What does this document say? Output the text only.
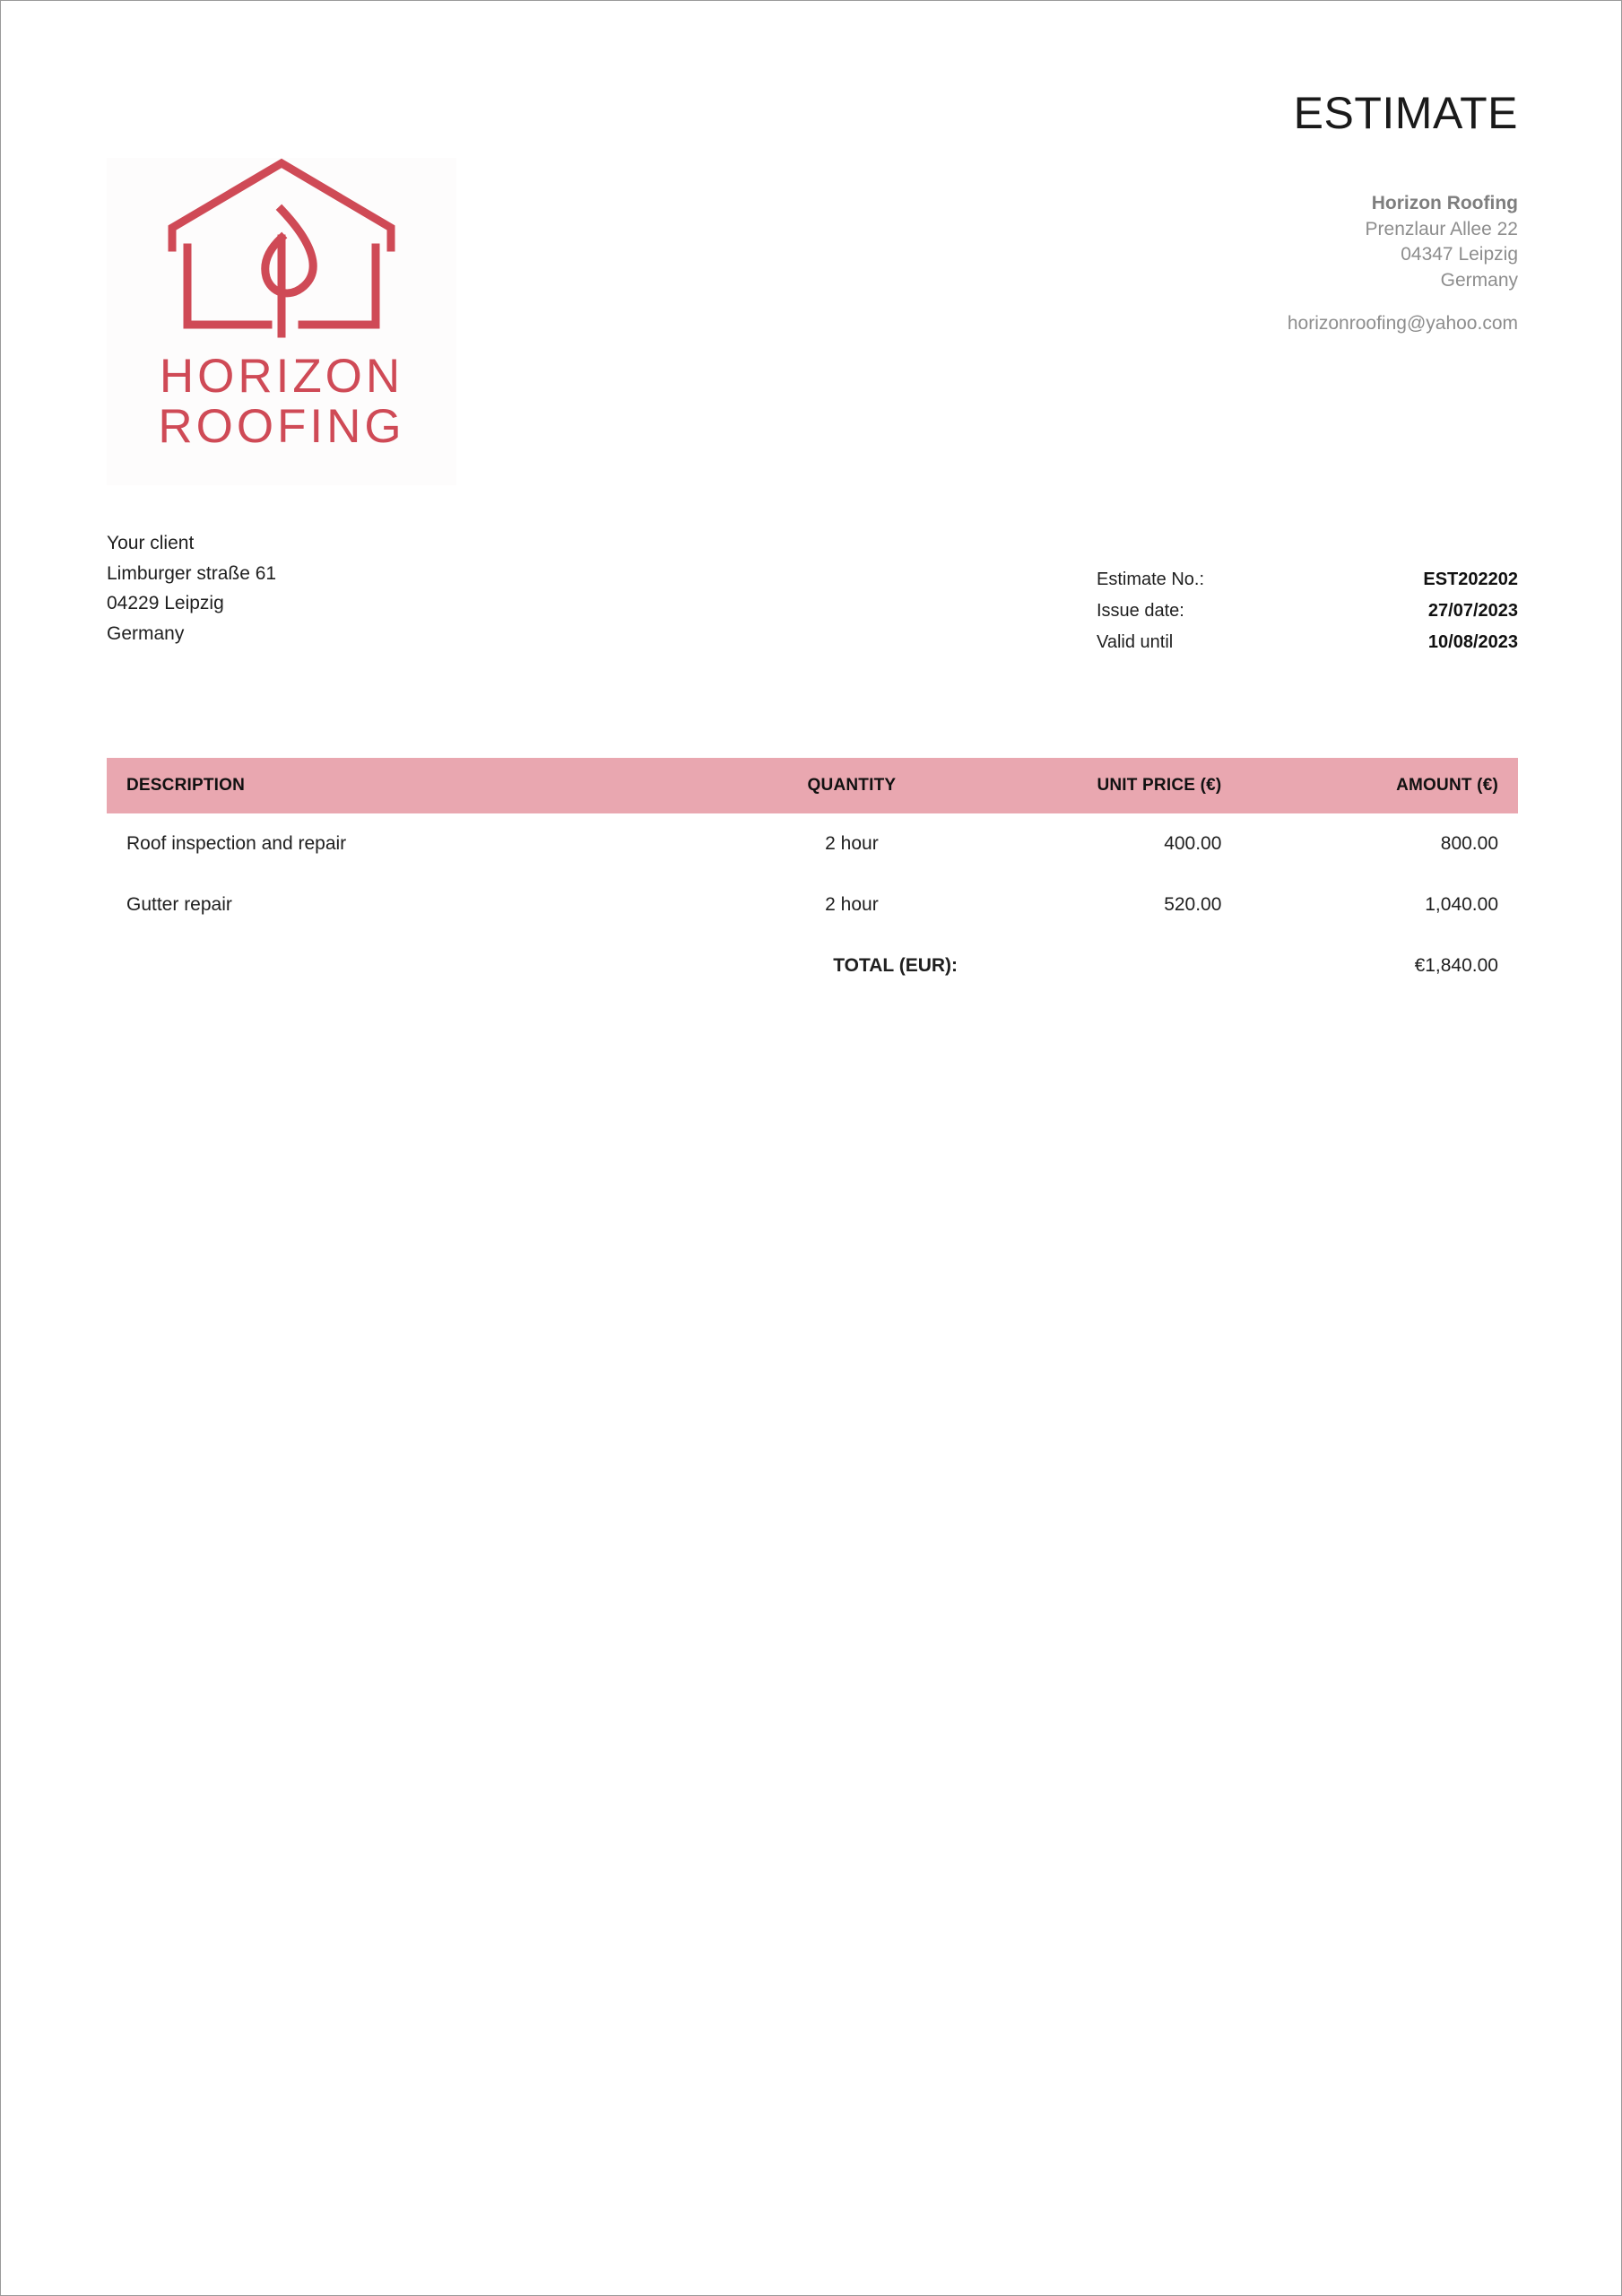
ESTIMATE
Horizon Roofing
Prenzlaur Allee 22
04347 Leipzig
Germany
horizonroofing@yahoo.com
HORIZON
ROOFING
Your client
Limburger straße 61
04229 Leipzig
Germany
Estimate No.:	EST202202
Issue date:	27/07/2023
Valid until	10/08/2023
DESCRIPTION	QUANTITY	UNIT PRICE (€)	AMOUNT (€)
Roof inspection and repair	2 hour	400.00	800.00
Gutter repair	2 hour	520.00	1,040.00
	TOTAL (EUR):		€1,840.00
